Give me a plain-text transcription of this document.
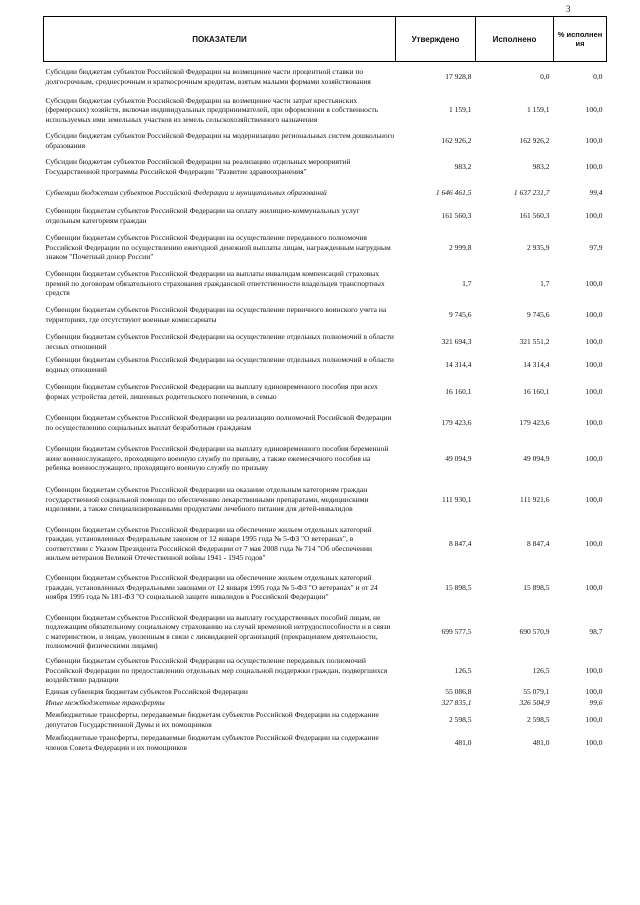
3
ПОКАЗАТЕЛИ	Утверждено	Исполнено	% исполнен ия
Субсидии бюджетам субъектов Российской Федерации на возмещение части процентной ставки по долгосрочным, среднесрочным и краткосрочным кредитам, взятым малыми формами хозяйствования	17 928,8	0,0	0,0
Субсидии бюджетам субъектов Российской Федерации на возмещение части затрат крестьянских (фермерских) хозяйств, включая индивидуальных предпринимателей, при оформлении в собственность используемых ими земельных участков из земель сельскохозяйственного назначения	1 159,1	1 159,1	100,0
Субсидии бюджетам субъектов Российской Федерации на модернизацию региональных систем дошкольного образования	162 926,2	162 926,2	100,0
Субсидии бюджетам субъектов Российской Федерации на реализацию отдельных мероприятий Государственной программы Российской Федерации "Развитие здравоохранения"	983,2	983,2	100,0
Субвенции бюджетам субъектов Российской Федерации и муниципальных образований	1 646 461,5	1 637 231,7	99,4
Субвенции бюджетам субъектов Российской Федерации на оплату жилищно-коммунальных услуг отдельным категориям граждан	161 560,3	161 560,3	100,0
Субвенции бюджетам субъектов Российской Федерации на осуществление переданного полномочия Российской Федерации по осуществлению ежегодной денежной выплаты лицам, награжденным нагрудным знаком "Почетный донор России"	2 999,8	2 935,9	97,9
Субвенции бюджетам субъектов Российской Федерации на выплаты инвалидам компенсаций страховых премий по договорам обязательного страхования гражданской ответственности владельцев транспортных средств	1,7	1,7	100,0
Субвенции бюджетам субъектов Российской Федерации на осуществление первичного воинского учета на территориях, где отсутствуют военные комиссариаты	9 745,6	9 745,6	100,0
Субвенции бюджетам субъектов Российской Федерации на осуществление отдельных полномочий в области лесных отношений	321 694,3	321 551,2	100,0
Субвенции бюджетам субъектов Российской Федерации на осуществление отдельных полномочий в области водных отношений	14 314,4	14 314,4	100,0
Субвенции бюджетам субъектов Российской Федерации на выплату единовременного пособия при всех формах устройства детей, лишенных родительского попечения, в семью	16 160,1	16 160,1	100,0
Субвенции бюджетам субъектов Российской Федерации на реализацию полномочий Российской Федерации по осуществлению социальных выплат безработным гражданам	179 423,6	179 423,6	100,0
Субвенции бюджетам субъектов Российской Федерации на выплату единовременного пособия беременной жене военнослужащего, проходящего военную службу по призыву, а также ежемесячного пособия на ребенка военнослужащего, проходящего военную службу по призыву	49 094,9	49 094,9	100,0
Субвенции бюджетам субъектов Российской Федерации на оказание отдельным категориям граждан государственной социальной помощи по обеспечению лекарственными препаратами, медицинскими изделиями, а также специализированными продуктами лечебного питания для детей-инвалидов	111 930,1	111 921,6	100,0
Субвенции бюджетам субъектов Российской Федерации на обеспечение жильем отдельных категорий граждан, установленных Федеральным законом от 12 января 1995 года № 5-ФЗ "О ветеранах", в соответствии с Указом Президента Российской Федерации от 7 мая 2008 года № 714 "Об обеспечении жильем ветеранов Великой Отечественной войны 1941 - 1945 годов"	8 847,4	8 847,4	100,0
Субвенции бюджетам субъектов Российской Федерации на обеспечение жильем отдельных категорий граждан, установленных Федеральными законами от 12 января 1995 года № 5-ФЗ "О ветеранах" и от 24 ноября 1995 года № 181-ФЗ "О социальной защите инвалидов в Российской Федерации"	15 898,5	15 898,5	100,0
Субвенции бюджетам субъектов Российской Федерации на выплату государственных пособий лицам, не подлежащим обязательному социальному страхованию на случай временной нетрудоспособности и в связи с материнством, и лицам, уволенным в связи с ликвидацией организаций (прекращением деятельности, полномочий физическими лицами)	699 577,5	690 570,9	98,7
Субвенции бюджетам субъектов Российской Федерации на осуществление переданных полномочий Российской Федерации по предоставлению отдельных мер социальной поддержки граждан, подвергшихся воздействию радиации	126,5	126,5	100,0
Единая субвенция бюджетам субъектов Российской Федерации	55 086,8	55 079,1	100,0
Иные межбюджетные трансферты	327 835,1	326 504,9	99,6
Межбюджетные трансферты, передаваемые бюджетам субъектов Российской Федерации на содержание депутатов Государственной Думы и их помощников	2 598,5	2 598,5	100,0
Межбюджетные трансферты, передаваемые бюджетам субъектов Российской Федерации на содержание членов Совета Федерации и их помощников	481,0	481,0	100,0
